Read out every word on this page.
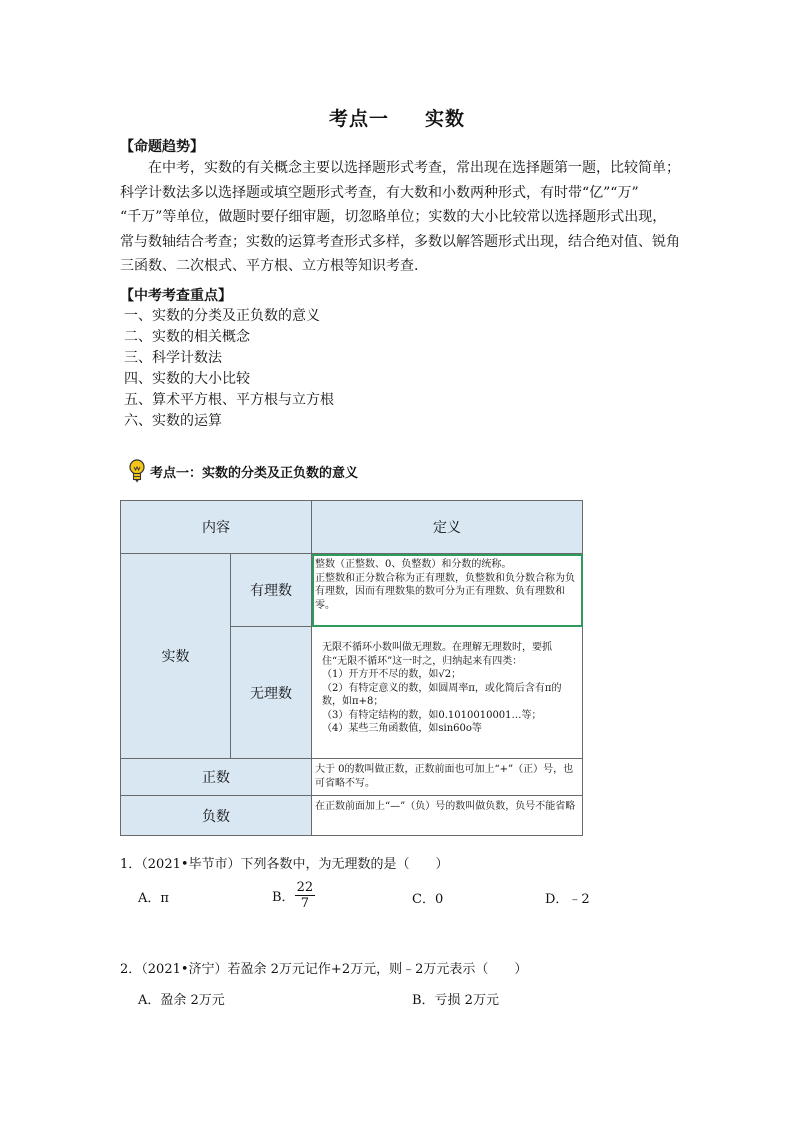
考点一 实数
【命题趋势】

在中考，实数的有关概念主要以选择题形式考查，常出现在选择题第一题，比较简单；

科学计数法多以选择题或填空题形式考查，有大数和小数两种形式，有时带“亿”“万”

“千万”等单位，做题时要仔细审题，切忽略单位；实数的大小比较常以选择题形式出现，

常与数轴结合考查；实数的运算考查形式多样，多数以解答题形式出现，结合绝对值、锐角

三函数、二次根式、平方根、立方根等知识考查.

【中考考查重点】
一、实数的分类及正负数的意义
二、实数的相关概念
三、科学计数法
四、实数的大小比较
五、算术平方根、平方根与立方根
六、实数的运算
考点一：实数的分类及正负数的意义
内容		定义
实数	有理数	整数（正整数、0、负整数）和分数的统称。
正整数和正分数合称为正有理数，负整数和负分数合称为负有理数，因而有理数集的数可分为正有理数、负有理数和零。

	无理数	无限不循环小数叫做无理数。在理解无理数时，要抓住“无限不循环”这一时之，归纳起来有四类：
（1）开方开不尽的数，如√2；
（2）有特定意义的数，如圆周率π，或化简后含有π的数，如π+8；
（3）有特定结构的数，如0.1010010001…等；
（4）某些三角函数值，如sin60o等

正数		大于 0的数叫做正数，正数前面也可加上“+”（正）号，也可省略不写。

负数		在正数前面加上“—”（负）号的数叫做负数，负号不能省略
1．（2021•毕节市）下列各数中，为无理数的是（　　）
A．π	B． $\frac{22}{7}$	C．0	D．﹣2
2．（2021•济宁）若盈余 2万元记作+2万元，则﹣2万元表示（　　）
A．盈余 2万元	B．亏损 2万元
